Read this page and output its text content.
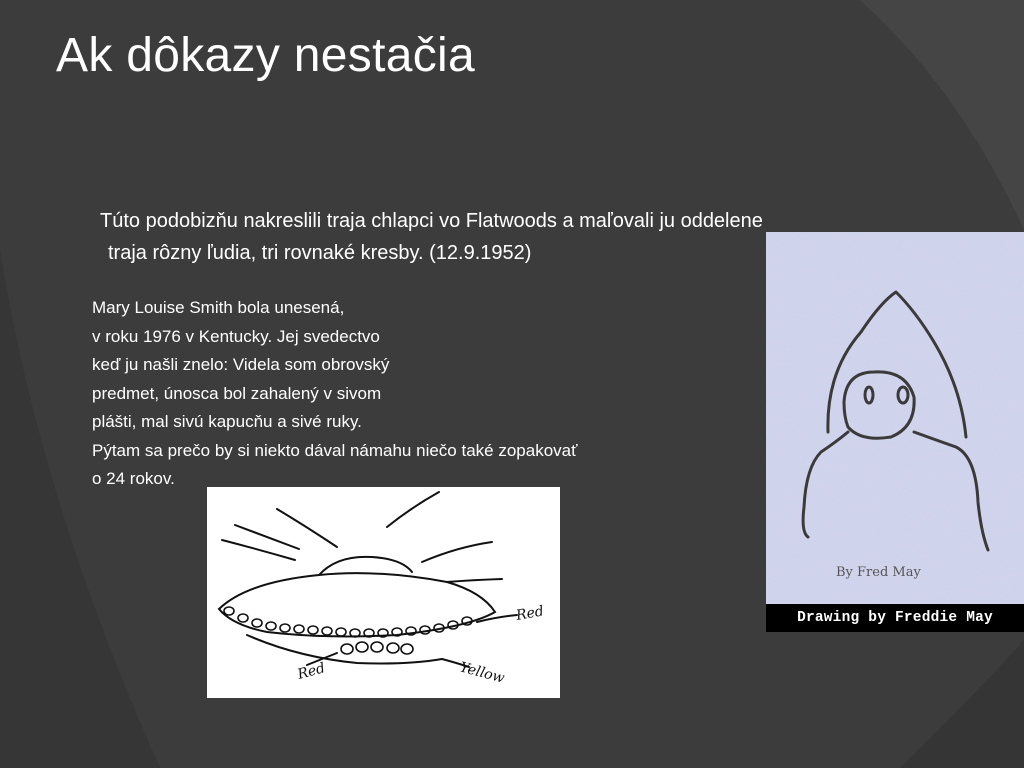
Ak dôkazy nestačia
Túto podobizňu nakreslili traja chlapci vo Flatwoods a maľovali ju oddelene
traja rôzny ľudia, tri rovnaké kresby. (12.9.1952)
Mary Louise Smith bola unesená,
v roku 1976 v Kentucky. Jej svedectvo
keď ju našli znelo: Videla som obrovský
predmet, únosca bol zahalený v sivom
plášti, mal sivú kapucňu a sivé ruky.
Pýtam sa prečo by si niekto dával námahu niečo také zopakovať
o 24 rokov.
Red
Red	Yellow
By Fred May
Drawing by Freddie May
